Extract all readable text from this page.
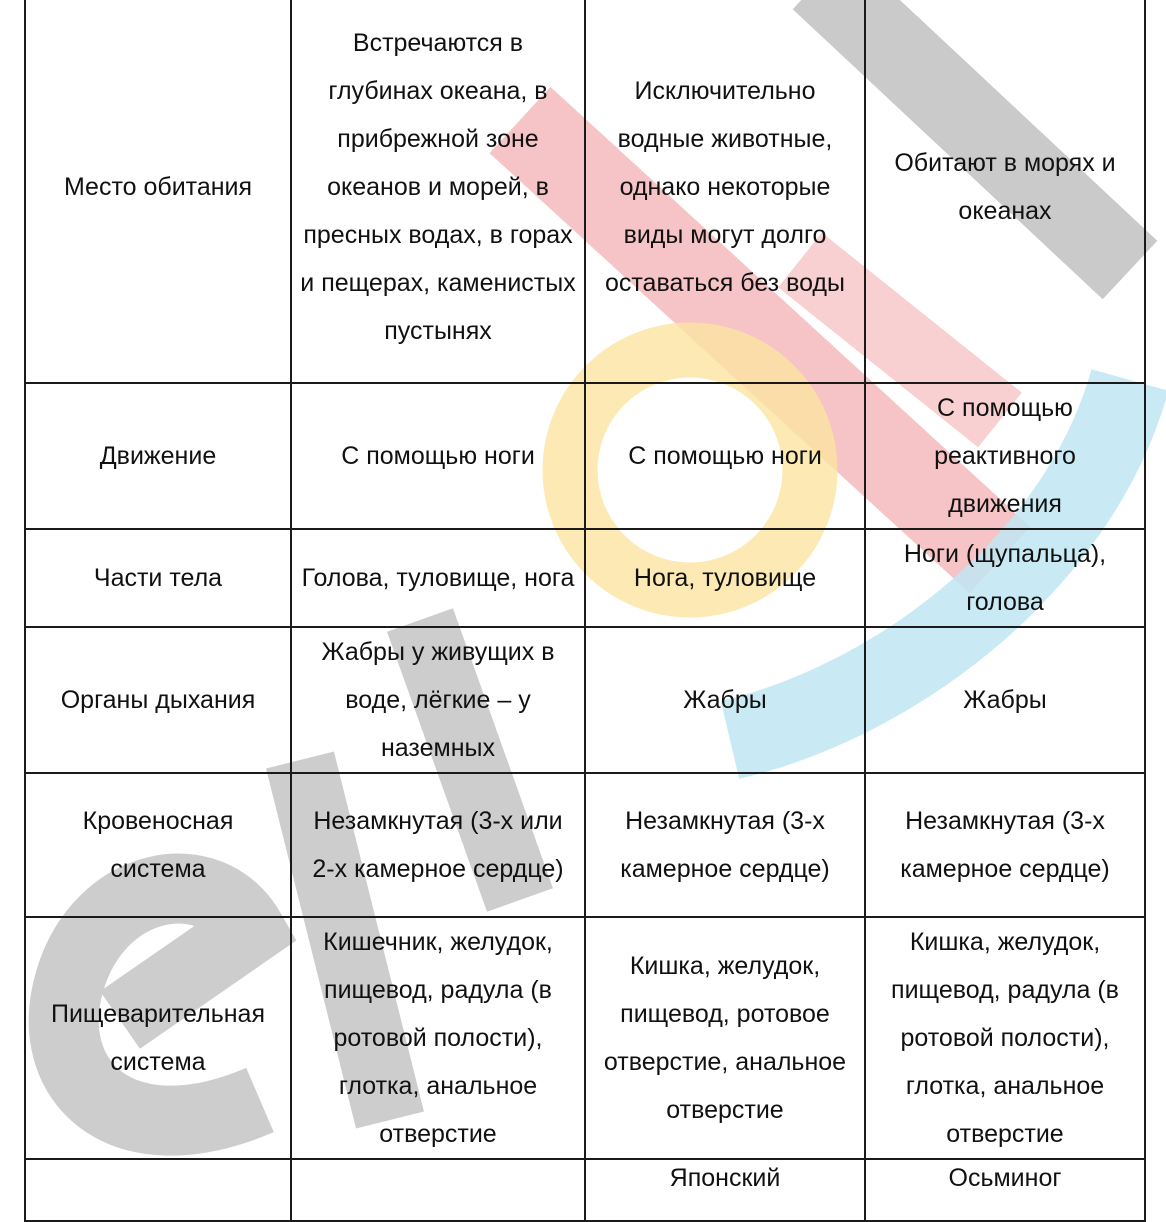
Место обитания	Встречаются в глубинах океана, в прибрежной зоне океанов и морей, в пресных водах, в горах и пещерах, каменистых пустынях	Исключительно водные животные, однако некоторые виды могут долго оставаться без воды	Обитают в морях и океанах
Движение	С помощью ноги	С помощью ноги	С помощью реактивного движения
Части тела	Голова, туловище, нога	Нога, туловище	Ноги (щупальца), голова
Органы дыхания	Жабры у живущих в воде, лёгкие – у наземных	Жабры	Жабры
Кровеносная система	Незамкнутая (3-х или 2-х камерное сердце)	Незамкнутая (3-х камерное сердце)	Незамкнутая (3-х камерное сердце)
Пищеварительная система	Кишечник, желудок, пищевод, радула (в ротовой полости), глотка, анальное отверстие	Кишка, желудок, пищевод, ротовое отверстие, анальное отверстие	Кишка, желудок, пищевод, радула (в ротовой полости), глотка, анальное отверстие

		Японский	Осьминог
